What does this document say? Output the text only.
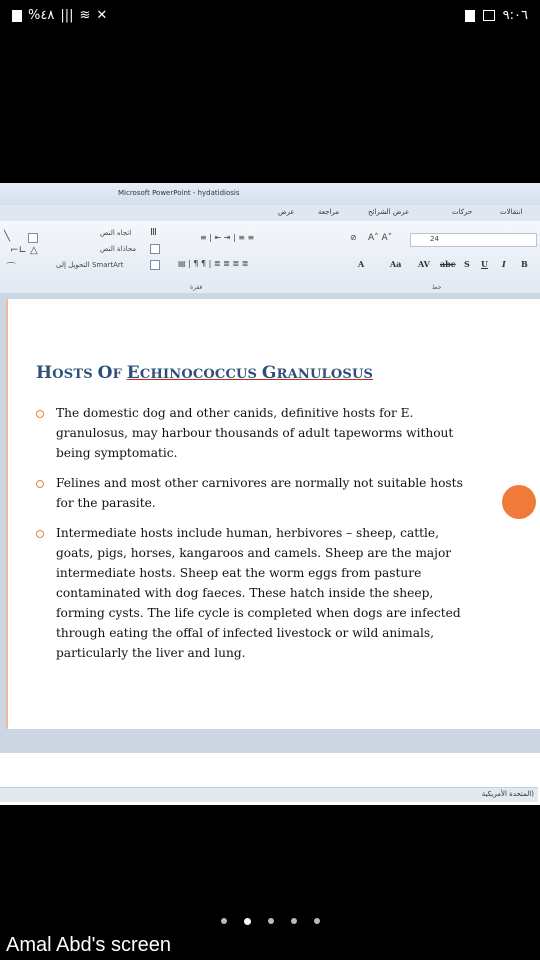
%٤٨ ||| ≋ ✕	٩:٠٦
Microsoft PowerPoint - hydatidiosis
انتقالات
حركات
عرض الشرائح
مراجعة
عرض
╲
⌐∟ △
⌒
اتجاه النص Ⅲ
محاذاة النص
التحويل إلى SmartArt
≡ | ⇤ ⇥ | ≡ ≡
▤ | ¶ ¶ | ≣ ≣ ≣ ≣
24
A˄ A˅
⊘
A	Aa AV abc S U I B
فقرة	خط
HOSTS OF ECHINOCOCCUS GRANULOSUS
The domestic dog and other canids, definitive hosts for E. granulosus, may harbour thousands of adult tapeworms without being symptomatic.
Felines and most other carnivores are normally not suitable hosts for the parasite.
Intermediate hosts include human, herbivores – sheep, cattle, goats, pigs, horses, kangaroos and camels. Sheep are the major intermediate hosts. Sheep eat the worm eggs from pasture contaminated with dog faeces. These hatch inside the sheep, forming cysts. The life cycle is completed when dogs are infected through eating the offal of infected livestock or wild animals, particularly the liver and lung.
المتحدة الأمريكية)
Amal Abd's screen
